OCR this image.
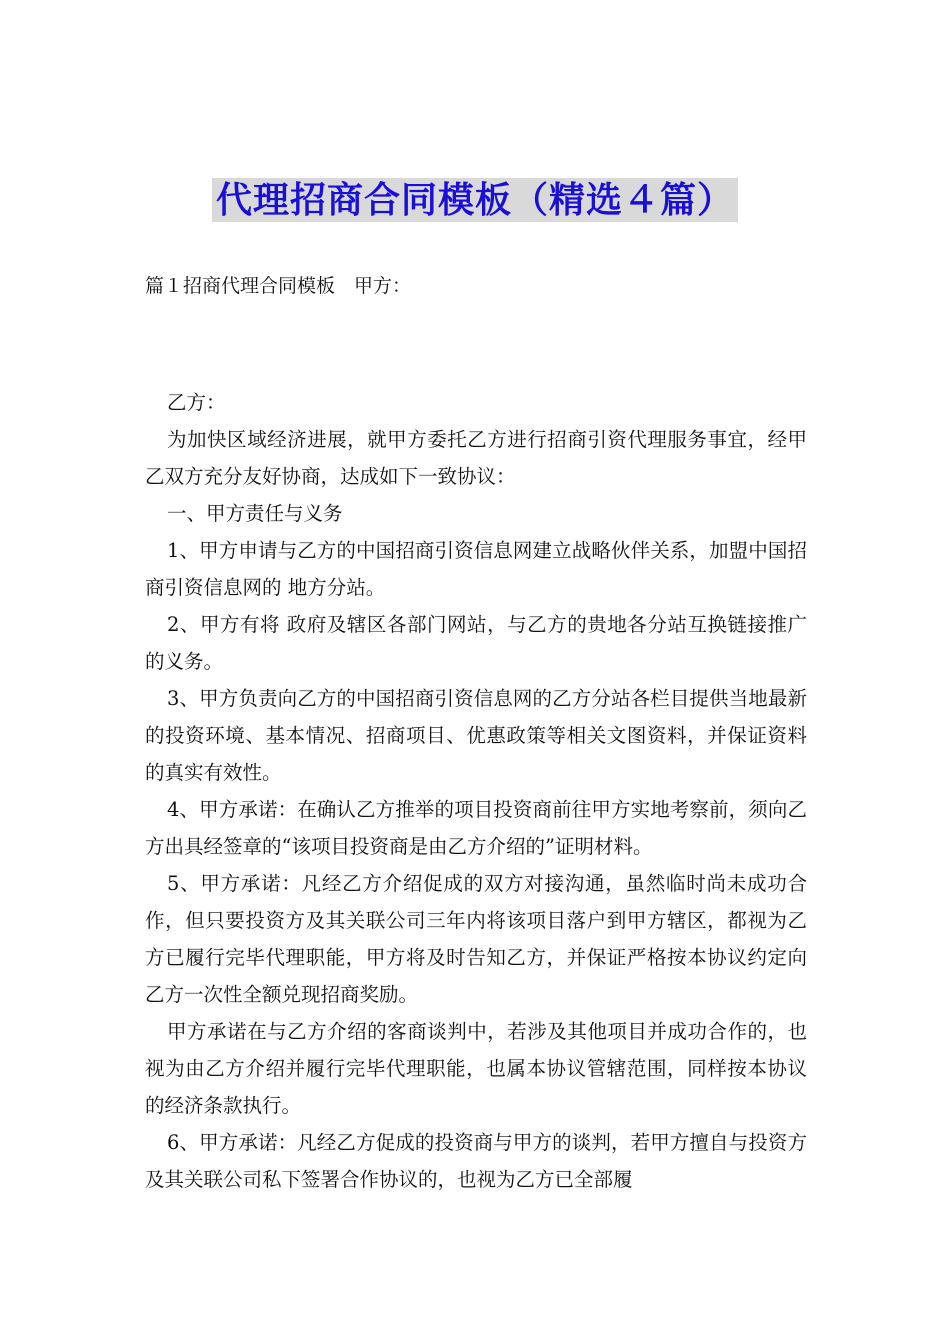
代理招商合同模板（精选４篇）
篇１招商代理合同模板　甲方：

乙方：

为加快区域经济进展，就甲方委托乙方进行招商引资代理服务事宜，经甲乙双方充分友好协商，达成如下一致协议：

一、甲方责任与义务

1、甲方申请与乙方的中国招商引资信息网建立战略伙伴关系，加盟中国招商引资信息网的 地方分站。

2、甲方有将 政府及辖区各部门网站，与乙方的贵地各分站互换链接推广的义务。

3、甲方负责向乙方的中国招商引资信息网的乙方分站各栏目提供当地最新的投资环境、基本情况、招商项目、优惠政策等相关文图资料，并保证资料的真实有效性。

4、甲方承诺：在确认乙方推举的项目投资商前往甲方实地考察前，须向乙方出具经签章的“该项目投资商是由乙方介绍的”证明材料。

5、甲方承诺：凡经乙方介绍促成的双方对接沟通，虽然临时尚未成功合作，但只要投资方及其关联公司三年内将该项目落户到甲方辖区，都视为乙方已履行完毕代理职能，甲方将及时告知乙方，并保证严格按本协议约定向乙方一次性全额兑现招商奖励。

甲方承诺在与乙方介绍的客商谈判中，若涉及其他项目并成功合作的，也视为由乙方介绍并履行完毕代理职能，也属本协议管辖范围，同样按本协议的经济条款执行。

6、甲方承诺：凡经乙方促成的投资商与甲方的谈判，若甲方擅自与投资方及其关联公司私下签署合作协议的，也视为乙方已全部履
